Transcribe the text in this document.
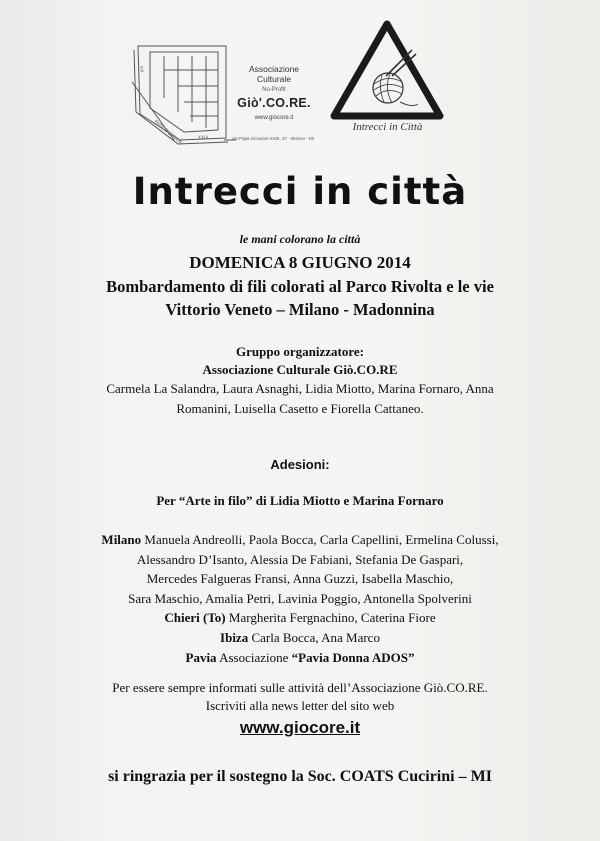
via
PAPA GIOVANNI	XXIII
Associazione
Culturale
No-Profit
Giò'.CO.RE.
www.giocore.it
via Papa Giovanni XXIII, 37 - Bresso - MI
Intrecci in Città
Intrecci in città
le mani colorano la città
DOMENICA 8 GIUGNO 2014
Bombardamento di fili colorati al Parco Rivolta e le vie
Vittorio Veneto – Milano - Madonnina
Gruppo organizzatore:
Associazione Culturale Giò.CO.RE
Carmela La Salandra, Laura Asnaghi, Lidia Miotto, Marina Fornaro, Anna
Romanini, Luisella Casetto e Fiorella Cattaneo.
Adesioni:
Per “Arte in filo” di Lidia Miotto e Marina Fornaro
Milano Manuela Andreolli, Paola Bocca, Carla Capellini, Ermelina Colussi,
Alessandro D’Isanto, Alessia De Fabiani, Stefania De Gaspari,
Mercedes Falgueras Fransi, Anna Guzzi, Isabella Maschio,
Sara Maschio, Amalia Petri, Lavinia Poggio, Antonella Spolverini
Chieri (To) Margherita Fergnachino, Caterina Fiore
Ibiza Carla Bocca, Ana Marco
Pavia Associazione “Pavia Donna ADOS”
Per essere sempre informati sulle attività dell’Associazione Giò.CO.RE.
Iscriviti alla news letter del sito web
www.giocore.it
si ringrazia per il sostegno la Soc. COATS Cucirini – MI
